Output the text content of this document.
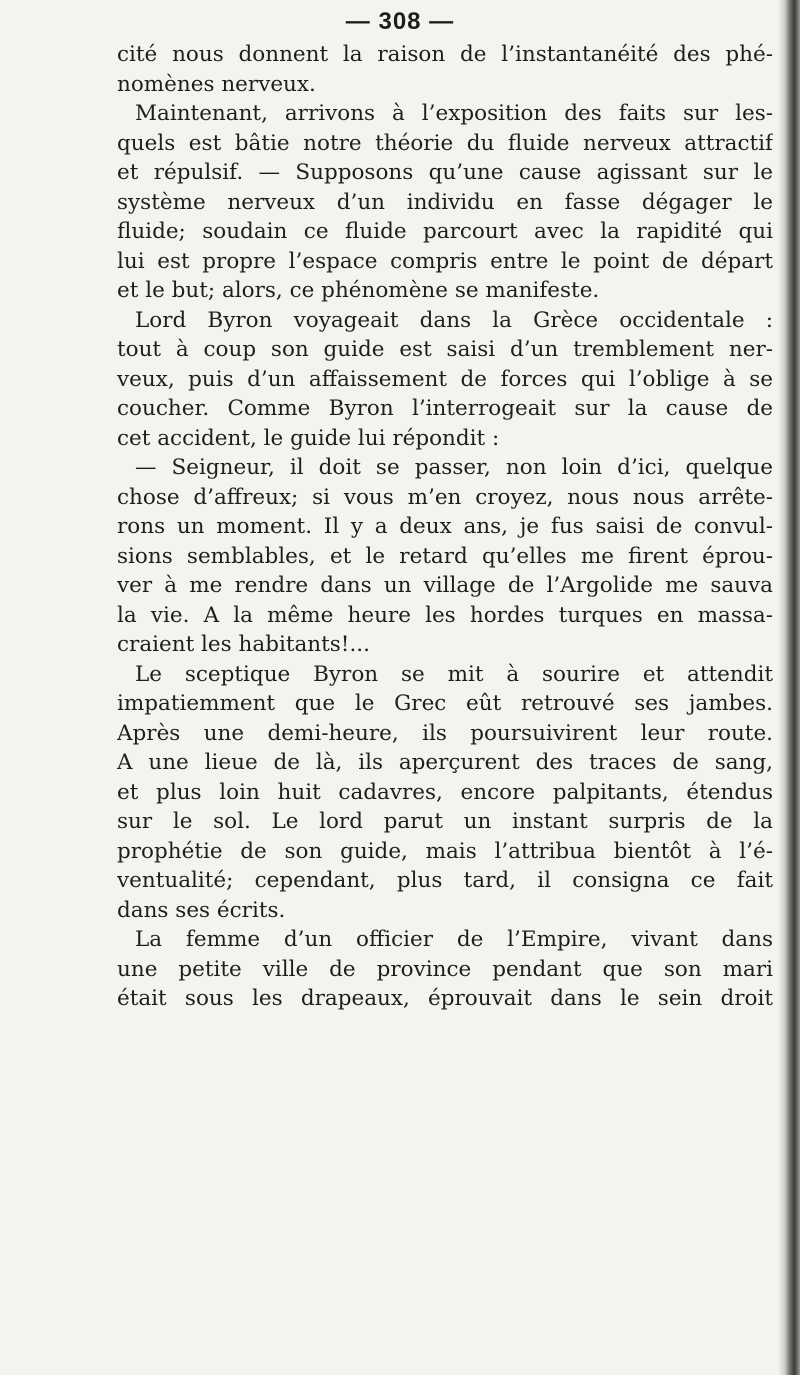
— 308 —
cité nous donnent la raison de l’instantanéité des phé-
nomènes nerveux.
Maintenant, arrivons à l’exposition des faits sur les-
quels est bâtie notre théorie du fluide nerveux attractif
et répulsif. — Supposons qu’une cause agissant sur le
système nerveux d’un individu en fasse dégager le
fluide; soudain ce fluide parcourt avec la rapidité qui
lui est propre l’espace compris entre le point de départ
et le but; alors, ce phénomène se manifeste.
Lord Byron voyageait dans la Grèce occidentale :
tout à coup son guide est saisi d’un tremblement ner-
veux, puis d’un affaissement de forces qui l’oblige à se
coucher. Comme Byron l’interrogeait sur la cause de
cet accident, le guide lui répondit :
— Seigneur, il doit se passer, non loin d’ici, quelque
chose d’affreux; si vous m’en croyez, nous nous arrête-
rons un moment. Il y a deux ans, je fus saisi de convul-
sions semblables, et le retard qu’elles me firent éprou-
ver à me rendre dans un village de l’Argolide me sauva
la vie. A la même heure les hordes turques en massa-
craient les habitants!...
Le sceptique Byron se mit à sourire et attendit
impatiemment que le Grec eût retrouvé ses jambes.
Après une demi-heure, ils poursuivirent leur route.
A une lieue de là, ils aperçurent des traces de sang,
et plus loin huit cadavres, encore palpitants, étendus
sur le sol. Le lord parut un instant surpris de la
prophétie de son guide, mais l’attribua bientôt à l’é-
ventualité; cependant, plus tard, il consigna ce fait
dans ses écrits.
La femme d’un officier de l’Empire, vivant dans
une petite ville de province pendant que son mari
était sous les drapeaux, éprouvait dans le sein droit
